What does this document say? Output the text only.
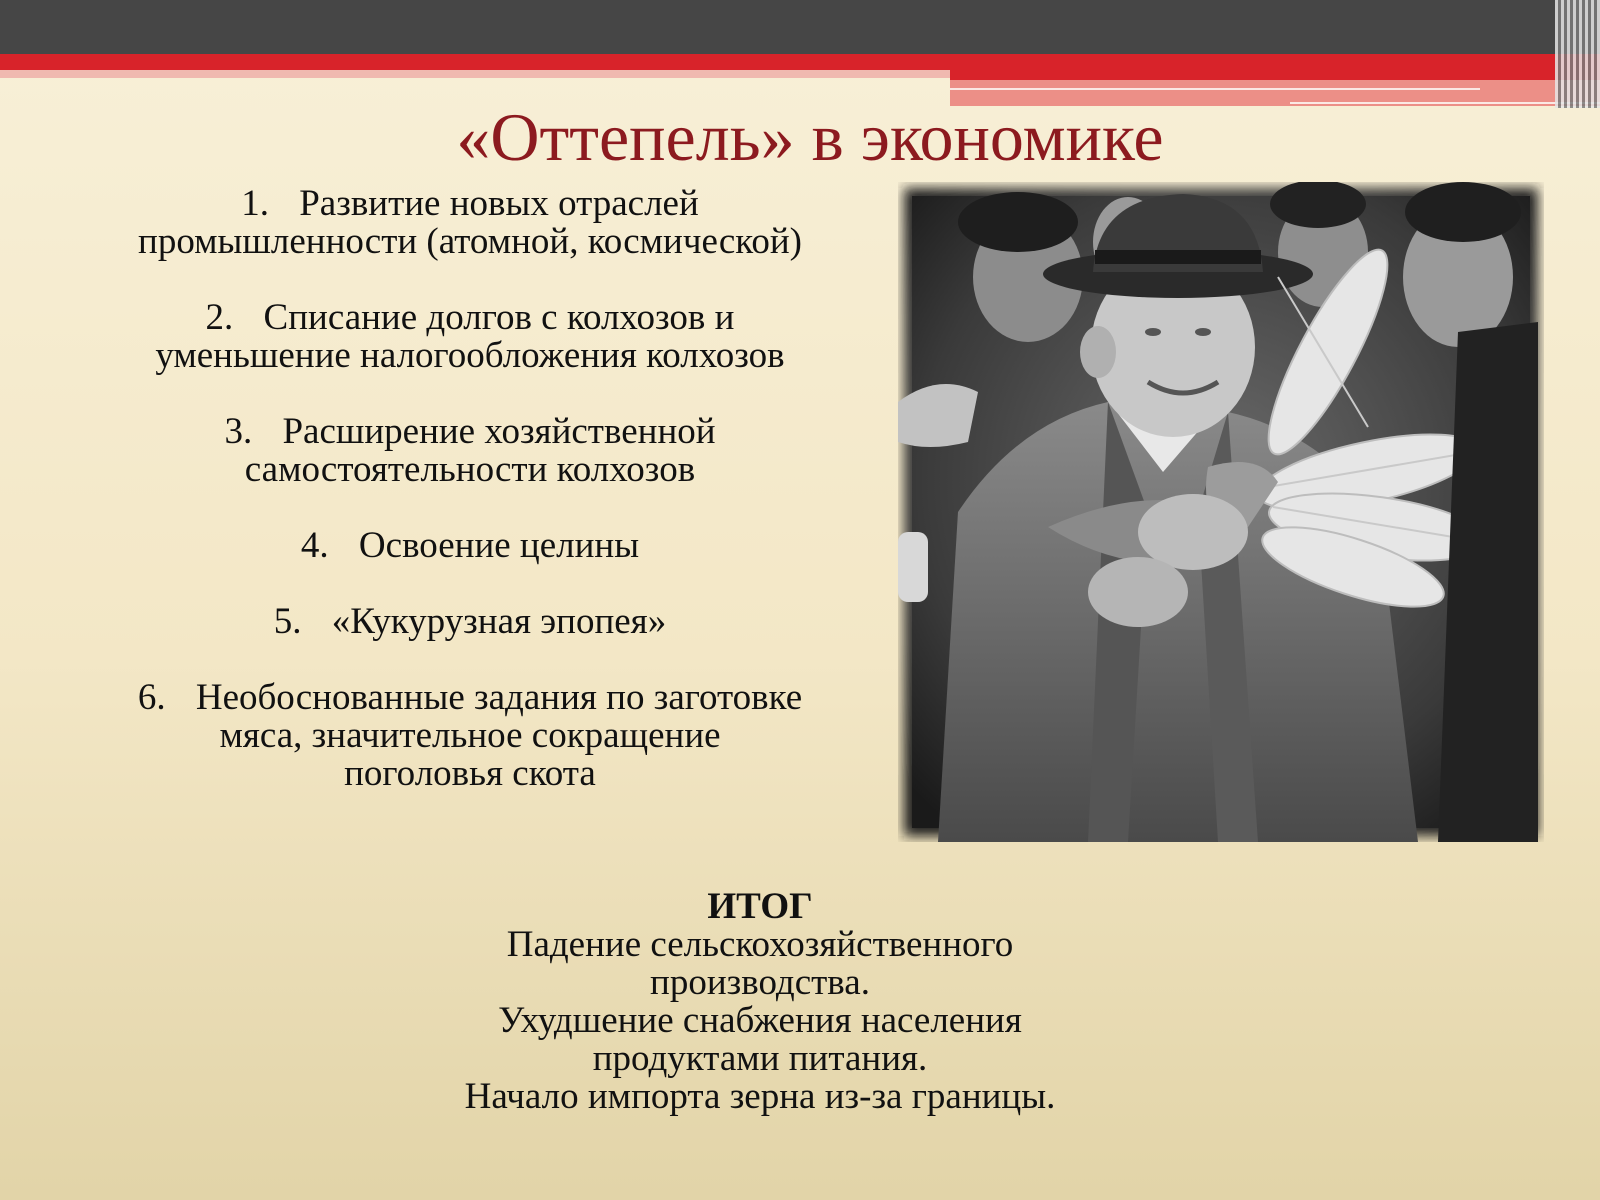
«Оттепель» в экономике
1. Развитие новых отраслей
промышленности (атомной, космической)
2. Списание долгов с колхозов и
уменьшение налогообложения колхозов
3. Расширение хозяйственной
самостоятельности колхозов
4. Освоение целины
5. «Кукурузная эпопея»
6. Необоснованные задания по заготовке
мяса, значительное сокращение
поголовья скота
ИТОГ
Падение сельскохозяйственного
производства.
Ухудшение снабжения населения
продуктами питания.
Начало импорта зерна из-за границы.
